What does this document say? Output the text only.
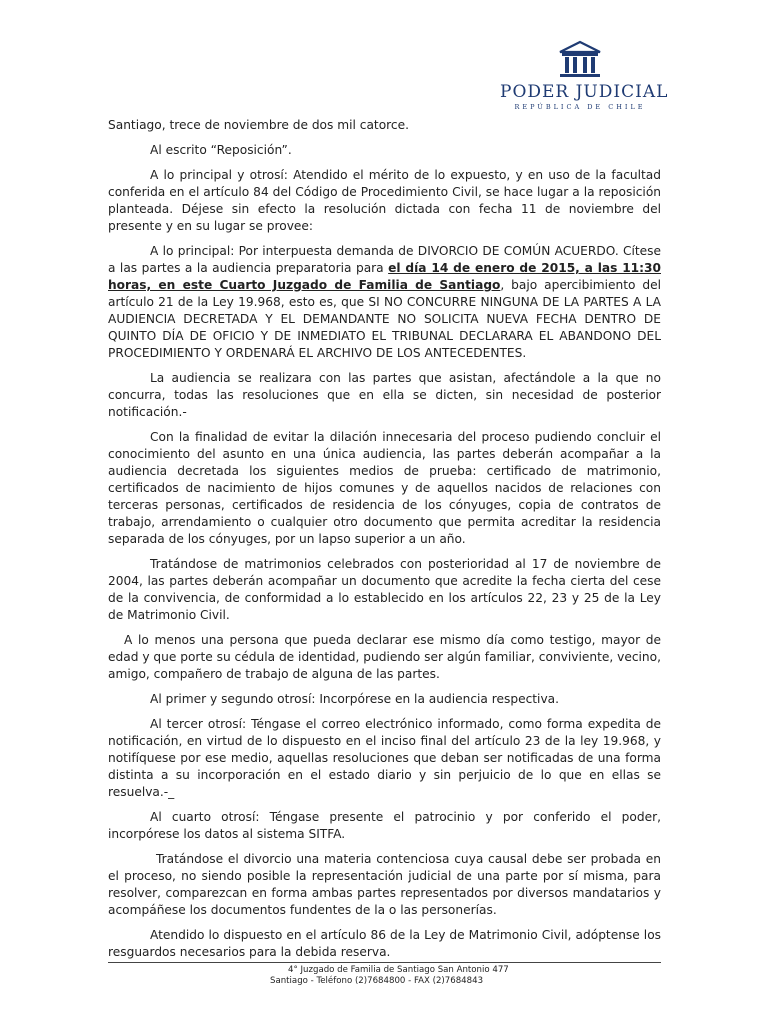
PODER JUDICIAL
REPÚBLICA DE CHILE

Santiago, trece de noviembre de dos mil catorce.

Al escrito “Reposición”.

A lo principal y otrosí: Atendido el mérito de lo expuesto, y en uso de la facultad conferida en el artículo 84 del Código de Procedimiento Civil, se hace lugar a la reposición planteada. Déjese sin efecto la resolución dictada con fecha 11 de noviembre del presente y en su lugar se provee:

A lo principal: Por interpuesta demanda de DIVORCIO DE COMÚN ACUERDO. Cítese a las partes a la audiencia preparatoria para el día 14 de enero de 2015, a las 11:30 horas, en este Cuarto Juzgado de Familia de Santiago, bajo apercibimiento del artículo 21 de la Ley 19.968, esto es, que SI NO CONCURRE NINGUNA DE LA PARTES A LA AUDIENCIA DECRETADA Y EL DEMANDANTE NO SOLICITA NUEVA FECHA DENTRO DE QUINTO DÍA DE OFICIO Y DE INMEDIATO EL TRIBUNAL DECLARARA EL ABANDONO DEL PROCEDIMIENTO Y ORDENARÁ EL ARCHIVO DE LOS ANTECEDENTES.

La audiencia se realizara con las partes que asistan, afectándole a la que no concurra, todas las resoluciones que en ella se dicten, sin necesidad de posterior notificación.-

Con la finalidad de evitar la dilación innecesaria del proceso pudiendo concluir el conocimiento del asunto en una única audiencia, las partes deberán acompañar a la audiencia decretada los siguientes medios de prueba: certificado de matrimonio, certificados de nacimiento de hijos comunes y de aquellos nacidos de relaciones con terceras personas, certificados de residencia de los cónyuges, copia de contratos de trabajo, arrendamiento o cualquier otro documento que permita acreditar la residencia separada de los cónyuges, por un lapso superior a un año.

Tratándose de matrimonios celebrados con posterioridad al 17 de noviembre de 2004, las partes deberán acompañar un documento que acredite la fecha cierta del cese de la convivencia, de conformidad a lo establecido en los artículos 22, 23 y 25 de la Ley de Matrimonio Civil.

A lo menos una persona que pueda declarar ese mismo día como testigo, mayor de edad y que porte su cédula de identidad, pudiendo ser algún familiar, conviviente, vecino, amigo, compañero de trabajo de alguna de las partes.

Al primer y segundo otrosí: Incorpórese en la audiencia respectiva.

Al tercer otrosí: Téngase el correo electrónico informado, como forma expedita de notificación, en virtud de lo dispuesto en el inciso final del artículo 23 de la ley 19.968, y notifíquese por ese medio, aquellas resoluciones que deban ser notificadas de una forma distinta a su incorporación en el estado diario y sin perjuicio de lo que en ellas se resuelva.-_

Al cuarto otrosí: Téngase presente el patrocinio y por conferido el poder, incorpórese los datos al sistema SITFA.

Tratándose el divorcio una materia contenciosa cuya causal debe ser probada en el proceso, no siendo posible la representación judicial de una parte por sí misma, para resolver, comparezcan en forma ambas partes representados por diversos mandatarios y acompáñese los documentos fundentes de la o las personerías.

Atendido lo dispuesto en el artículo 86 de la Ley de Matrimonio Civil, adóptense los resguardos necesarios para la debida reserva.

4° Juzgado de Familia de Santiago San Antonio 477
Santiago - Teléfono (2)7684800 - FAX (2)7684843
